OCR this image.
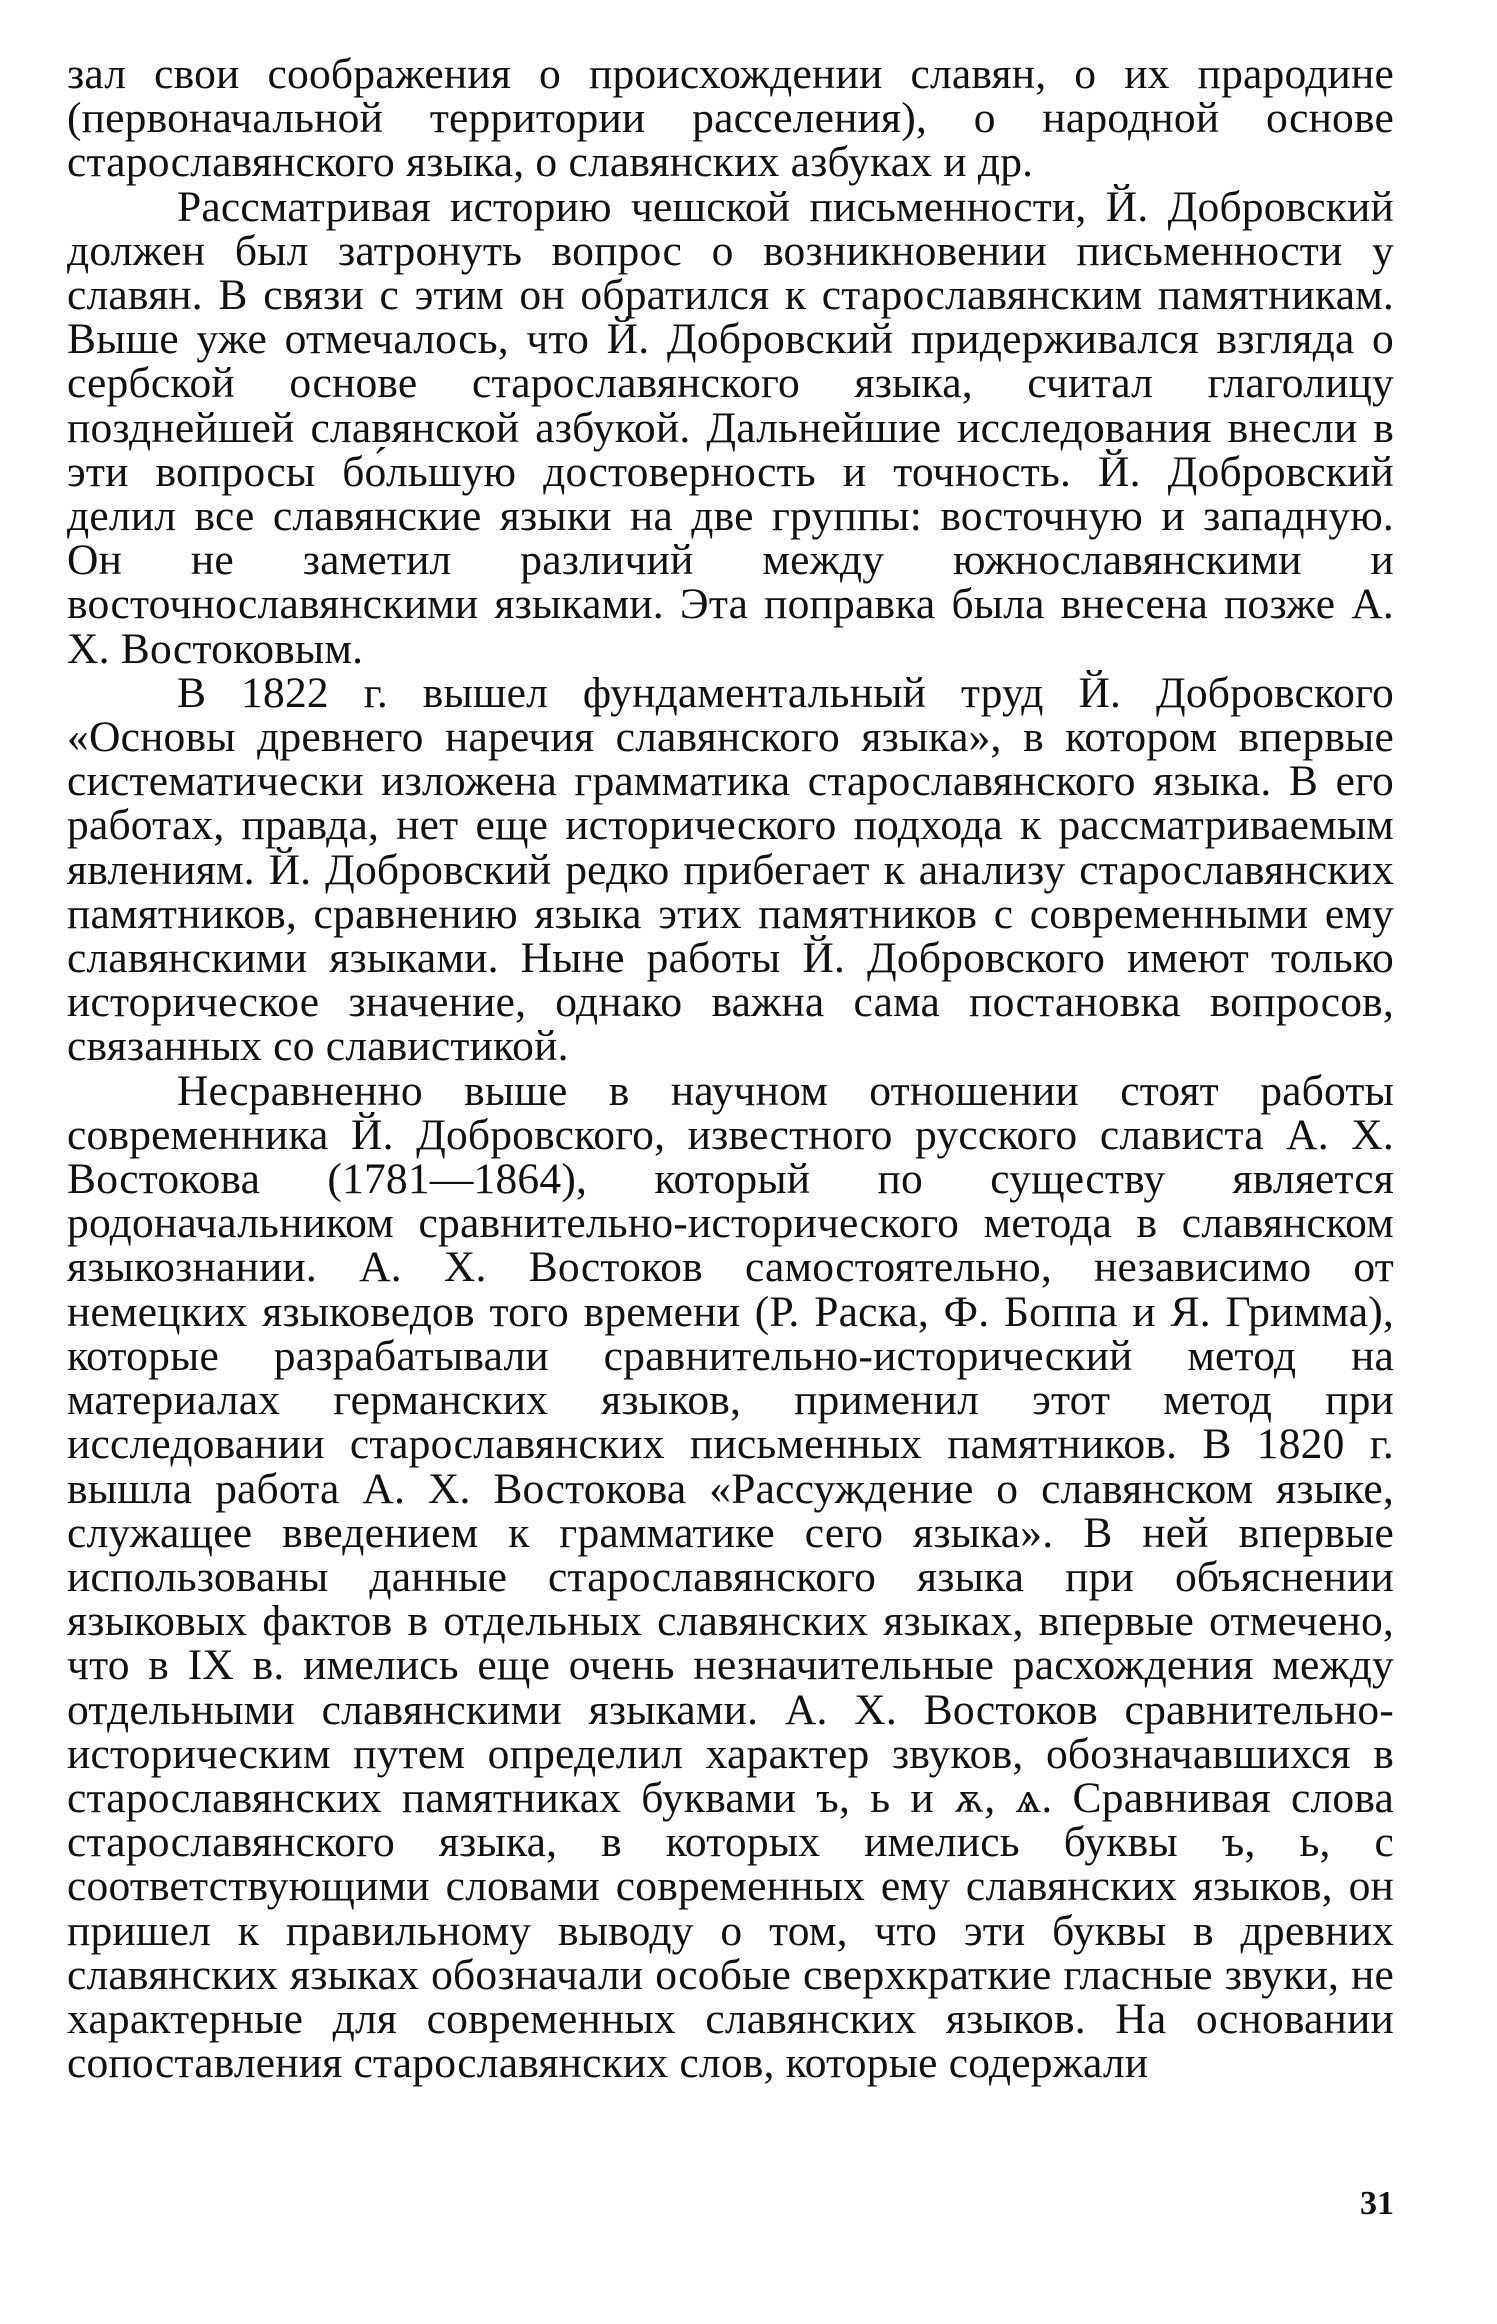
зал свои соображения о происхождении славян, о их прародине (первоначальной территории расселения), о народной основе старославянского языка, о славянских азбуках и др.

Рассматривая историю чешской письменности, Й. Добровский должен был затронуть вопрос о возникновении письменности у славян. В связи с этим он обратился к старославянским памятникам. Выше уже отмечалось, что Й. Добровский придерживался взгляда о сербской основе старославянского языка, считал глаголицу позднейшей славянской азбукой. Дальнейшие исследования внесли в эти вопросы бо́льшую достоверность и точность. Й. Добровский делил все славянские языки на две группы: восточную и западную. Он не заметил различий между южнославянскими и восточнославянскими языками. Эта поправка была внесена позже А. Х. Востоковым.

В 1822 г. вышел фундаментальный труд Й. Добровского «Основы древнего наречия славянского языка», в котором впервые систематически изложена грамматика старославянского языка. В его работах, правда, нет еще исторического подхода к рассматриваемым явлениям. Й. Добровский редко прибегает к анализу старославянских памятников, сравнению языка этих памятников с современными ему славянскими языками. Ныне работы Й. Добровского имеют только историческое значение, однако важна сама постановка вопросов, связанных со славистикой.

Несравненно выше в научном отношении стоят работы современника Й. Добровского, известного русского слависта А. Х. Востокова (1781—1864), который по существу является родоначальником сравнительно-исторического метода в славянском языкознании. А. Х. Востоков самостоятельно, независимо от немецких языковедов того времени (Р. Раска, Ф. Боппа и Я. Гримма), которые разрабатывали сравнительно-исторический метод на материалах германских языков, применил этот метод при исследовании старославянских письменных памятников. В 1820 г. вышла работа А. Х. Востокова «Рассуждение о славянском языке, служащее введением к грамматике сего языка». В ней впервые использованы данные старославянского языка при объяснении языковых фактов в отдельных славянских языках, впервые отмечено, что в IX в. имелись еще очень незначительные расхождения между отдельными славянскими языками. А. Х. Востоков сравнительно-историческим путем определил характер звуков, обозначавшихся в старославянских памятниках буквами ъ, ь и ѫ, ѧ. Сравнивая слова старославянского языка, в которых имелись буквы ъ, ь, с соответствующими словами современных ему славянских языков, он пришел к правильному выводу о том, что эти буквы в древних славянских языках обозначали особые сверхкраткие гласные звуки, не характерные для современных славянских языков. На основании сопоставления старославянских слов, которые содержали

31
